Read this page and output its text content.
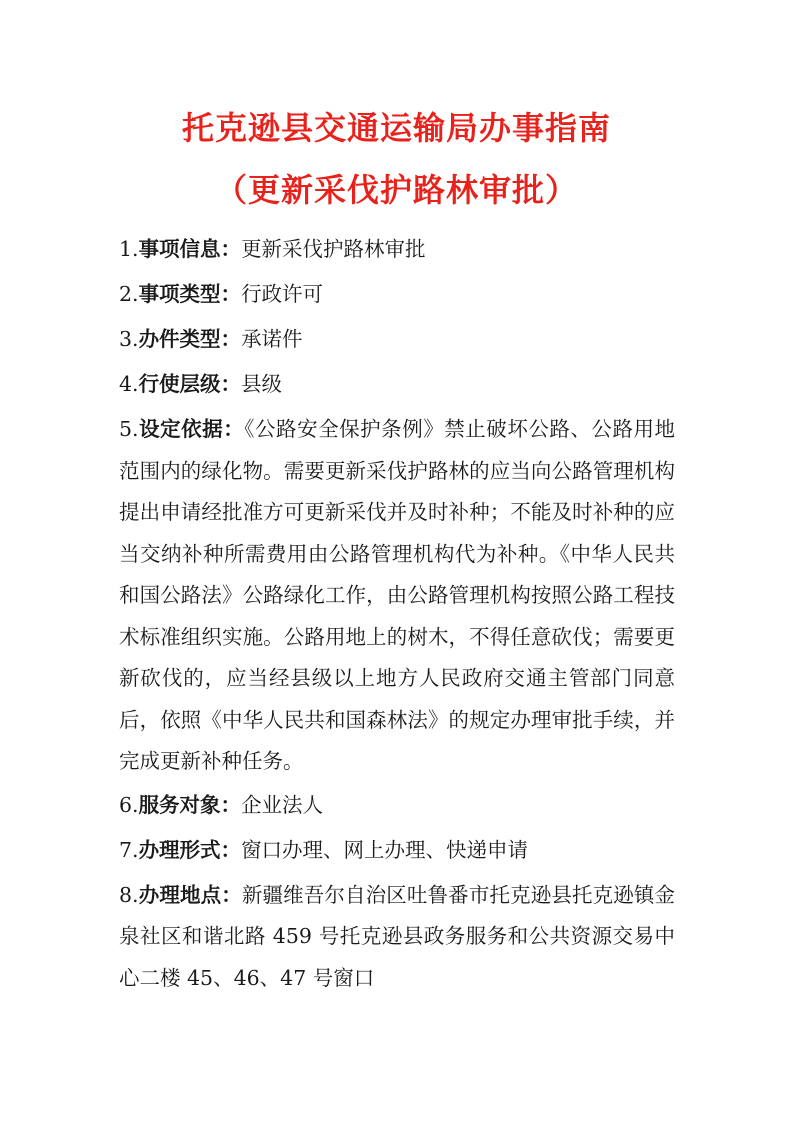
托克逊县交通运输局办事指南
（更新采伐护路林审批）

1.事项信息：更新采伐护路林审批

2.事项类型：行政许可

3.办件类型：承诺件

4.行使层级：县级

5.设定依据：《公路安全保护条例》禁止破坏公路、公路用地范围内的绿化物。需要更新采伐护路林的应当向公路管理机构提出申请经批准方可更新采伐并及时补种；不能及时补种的应当交纳补种所需费用由公路管理机构代为补种。《中华人民共和国公路法》公路绿化工作，由公路管理机构按照公路工程技术标准组织实施。公路用地上的树木，不得任意砍伐；需要更新砍伐的，应当经县级以上地方人民政府交通主管部门同意后，依照《中华人民共和国森林法》的规定办理审批手续，并完成更新补种任务。

6.服务对象：企业法人

7.办理形式：窗口办理、网上办理、快递申请

8.办理地点：新疆维吾尔自治区吐鲁番市托克逊县托克逊镇金泉社区和谐北路 459 号托克逊县政务服务和公共资源交易中心二楼 45、46、47 号窗口
